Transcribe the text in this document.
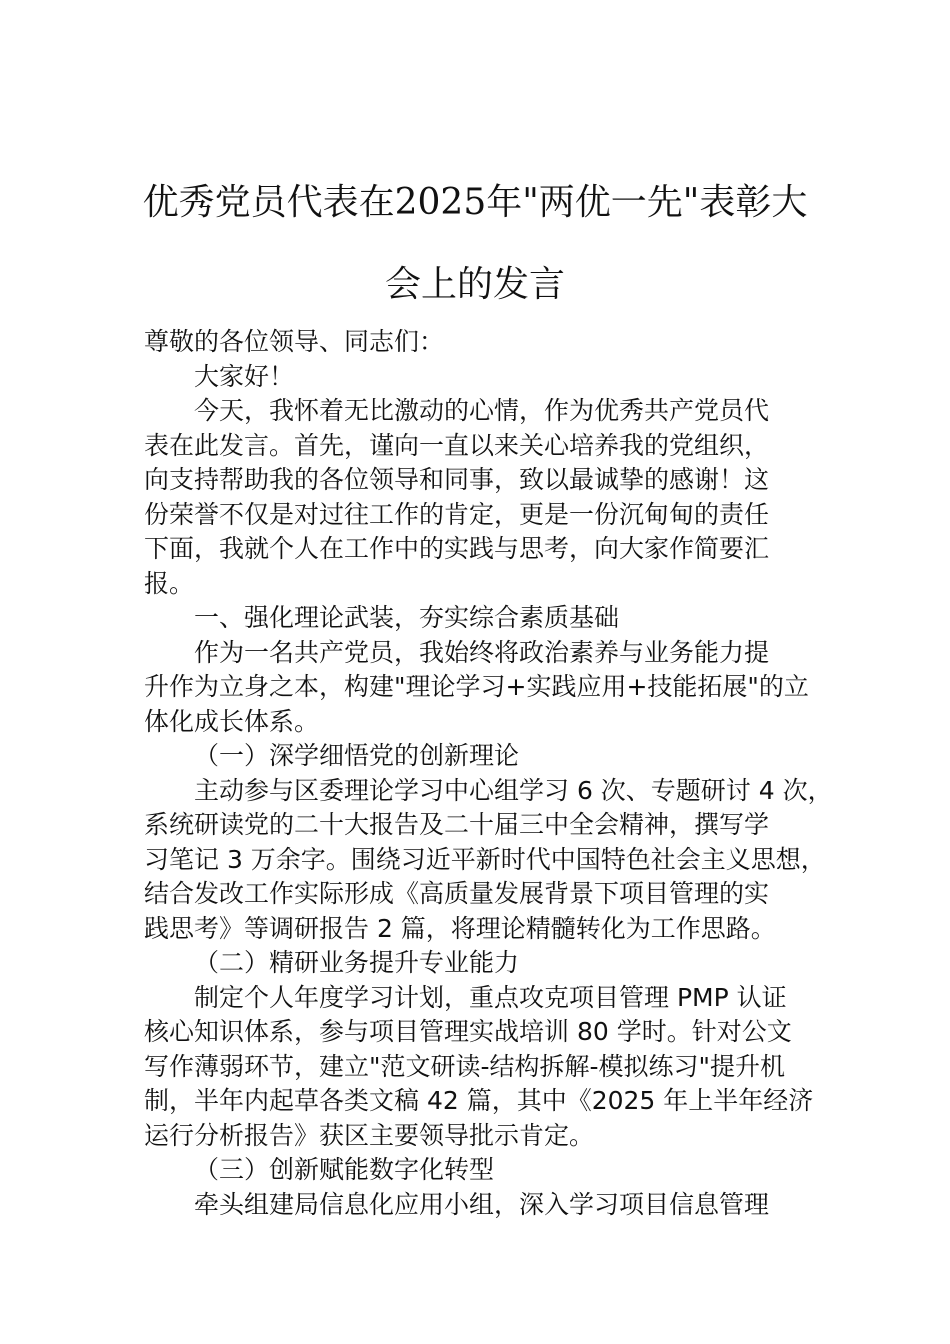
优秀党员代表在2025年"两优一先"表彰大
会上的发言

尊敬的各位领导、同志们：

大家好！

今天，我怀着无比激动的心情，作为优秀共产党员代
表在此发言。首先，谨向一直以来关心培养我的党组织，
向支持帮助我的各位领导和同事，致以最诚挚的感谢！这
份荣誉不仅是对过往工作的肯定，更是一份沉甸甸的责任
下面，我就个人在工作中的实践与思考，向大家作简要汇
报。

一、强化理论武装，夯实综合素质基础

作为一名共产党员，我始终将政治素养与业务能力提
升作为立身之本，构建"理论学习+实践应用+技能拓展"的立
体化成长体系。

（一）深学细悟党的创新理论

主动参与区委理论学习中心组学习 6 次、专题研讨 4 次，
系统研读党的二十大报告及二十届三中全会精神，撰写学
习笔记 3 万余字。围绕习近平新时代中国特色社会主义思想，
结合发改工作实际形成《高质量发展背景下项目管理的实
践思考》等调研报告 2 篇，将理论精髓转化为工作思路。

（二）精研业务提升专业能力

制定个人年度学习计划，重点攻克项目管理 PMP 认证
核心知识体系，参与项目管理实战培训 80 学时。针对公文
写作薄弱环节，建立"范文研读-结构拆解-模拟练习"提升机
制，半年内起草各类文稿 42 篇，其中《2025 年上半年经济
运行分析报告》获区主要领导批示肯定。

（三）创新赋能数字化转型

牵头组建局信息化应用小组，深入学习项目信息管理
